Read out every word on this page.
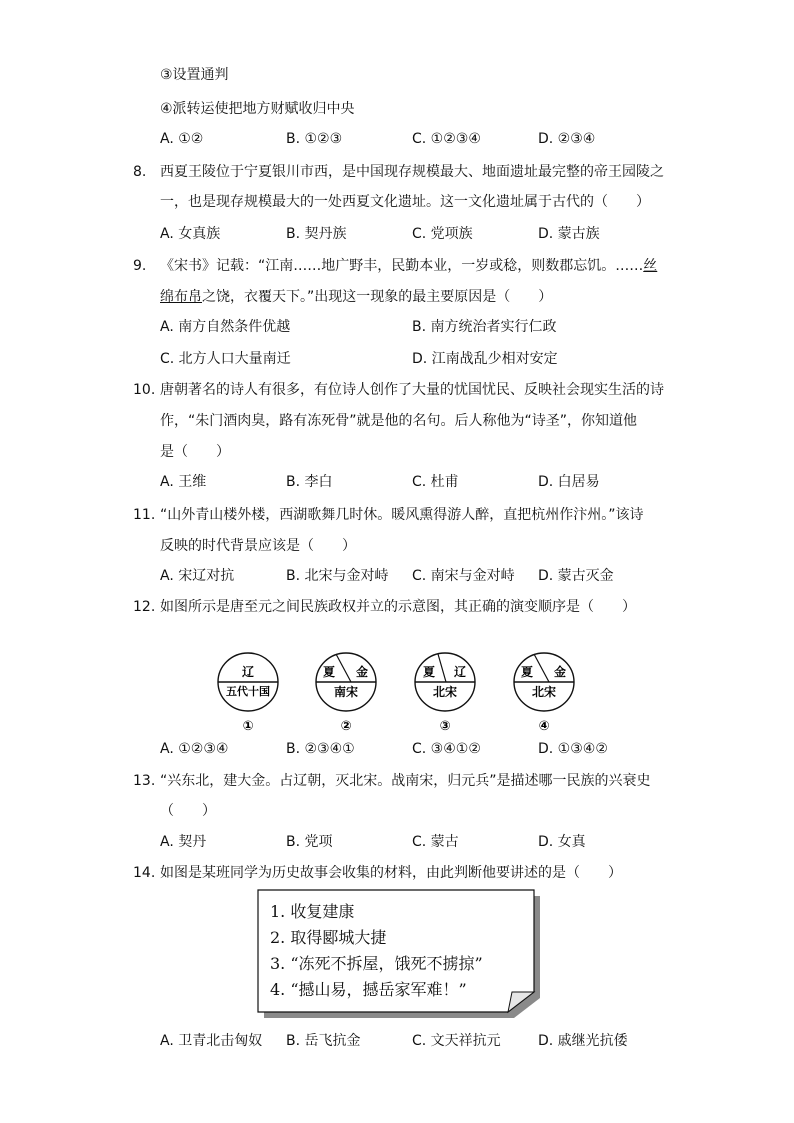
③设置通判
④派转运使把地方财赋收归中央
A. ①②	B. ①②③	C. ①②③④	D. ②③④
8. 西夏王陵位于宁夏银川市西，是中国现存规模最大、地面遗址最完整的帝王园陵之
一，也是现存规模最大的一处西夏文化遗址。这一文化遗址属于古代的（　　）
A. 女真族	B. 契丹族	C. 党项族	D. 蒙古族
9. 《宋书》记载：“江南……地广野丰，民勤本业，一岁或稔，则数郡忘饥。……丝
绵布帛之饶，衣覆天下。”出现这一现象的最主要原因是（　　）
A. 南方自然条件优越	B. 南方统治者实行仁政
C. 北方人口大量南迁	D. 江南战乱少相对安定
10. 唐朝著名的诗人有很多，有位诗人创作了大量的忧国忧民、反映社会现实生活的诗
作，“朱门酒肉臭，路有冻死骨”就是他的名句。后人称他为“诗圣”，你知道他
是（　　）
A. 王维	B. 李白	C. 杜甫	D. 白居易
11. “山外青山楼外楼，西湖歌舞几时休。暖风熏得游人醉，直把杭州作汴州。”该诗
反映的时代背景应该是（　　）
A. 宋辽对抗	B. 北宋与金对峙 C. 南宋与金对峙 D. 蒙古灭金
12. 如图所示是唐至元之间民族政权并立的示意图，其正确的演变顺序是（　　）
辽
五代十国
①
夏 金
南宋
②
夏 辽
北宋
③
夏 金
北宋
④
A. ①②③④	B. ②③④①	C. ③④①②	D. ①③④②
13. “兴东北，建大金。占辽朝，灭北宋。战南宋，归元兵”是描述哪一民族的兴衰史
（　　）
A. 契丹	B. 党项	C. 蒙古	D. 女真
14. 如图是某班同学为历史故事会收集的材料，由此判断他要讲述的是（　　）
1. 收复建康
2. 取得郾城大捷
3. “冻死不拆屋，饿死不掳掠”
4. “撼山易，撼岳家军难！”
A. 卫青北击匈奴 B. 岳飞抗金	C. 文天祥抗元	D. 戚继光抗倭
